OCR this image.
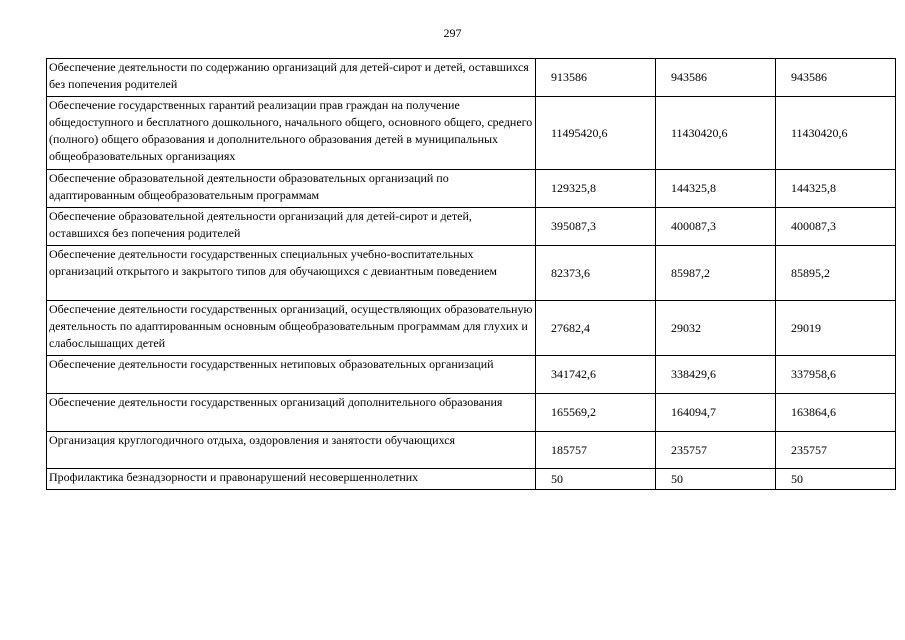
297
Обеспечение деятельности по содержанию организаций для детей-сирот и детей, оставшихся без попечения родителей	913586	943586	943586
Обеспечение государственных гарантий реализации прав граждан на получение общедоступного и бесплатного дошкольного, начального общего, основного общего, среднего (полного) общего образования и дополнительного образования детей в муниципальных общеобразовательных организациях	11495420,6	11430420,6	11430420,6
Обеспечение образовательной деятельности образовательных организаций по адаптированным общеобразовательным программам	129325,8	144325,8	144325,8
Обеспечение образовательной деятельности организаций для детей-сирот и детей, оставшихся без попечения родителей	395087,3	400087,3	400087,3
Обеспечение деятельности государственных специальных учебно-воспитательных организаций открытого и закрытого типов для обучающихся с девиантным поведением	82373,6	85987,2	85895,2
Обеспечение деятельности государственных организаций, осуществляющих образовательную деятельность по адаптированным основным общеобразовательным программам для глухих и слабослышащих детей	27682,4	29032	29019
Обеспечение деятельности государственных нетиповых образовательных организаций	341742,6	338429,6	337958,6
Обеспечение деятельности государственных организаций дополнительного образования	165569,2	164094,7	163864,6
Организация круглогодичного отдыха, оздоровления и занятости обучающихся	185757	235757	235757
Профилактика безнадзорности и правонарушений несовершеннолетних	50	50	50
